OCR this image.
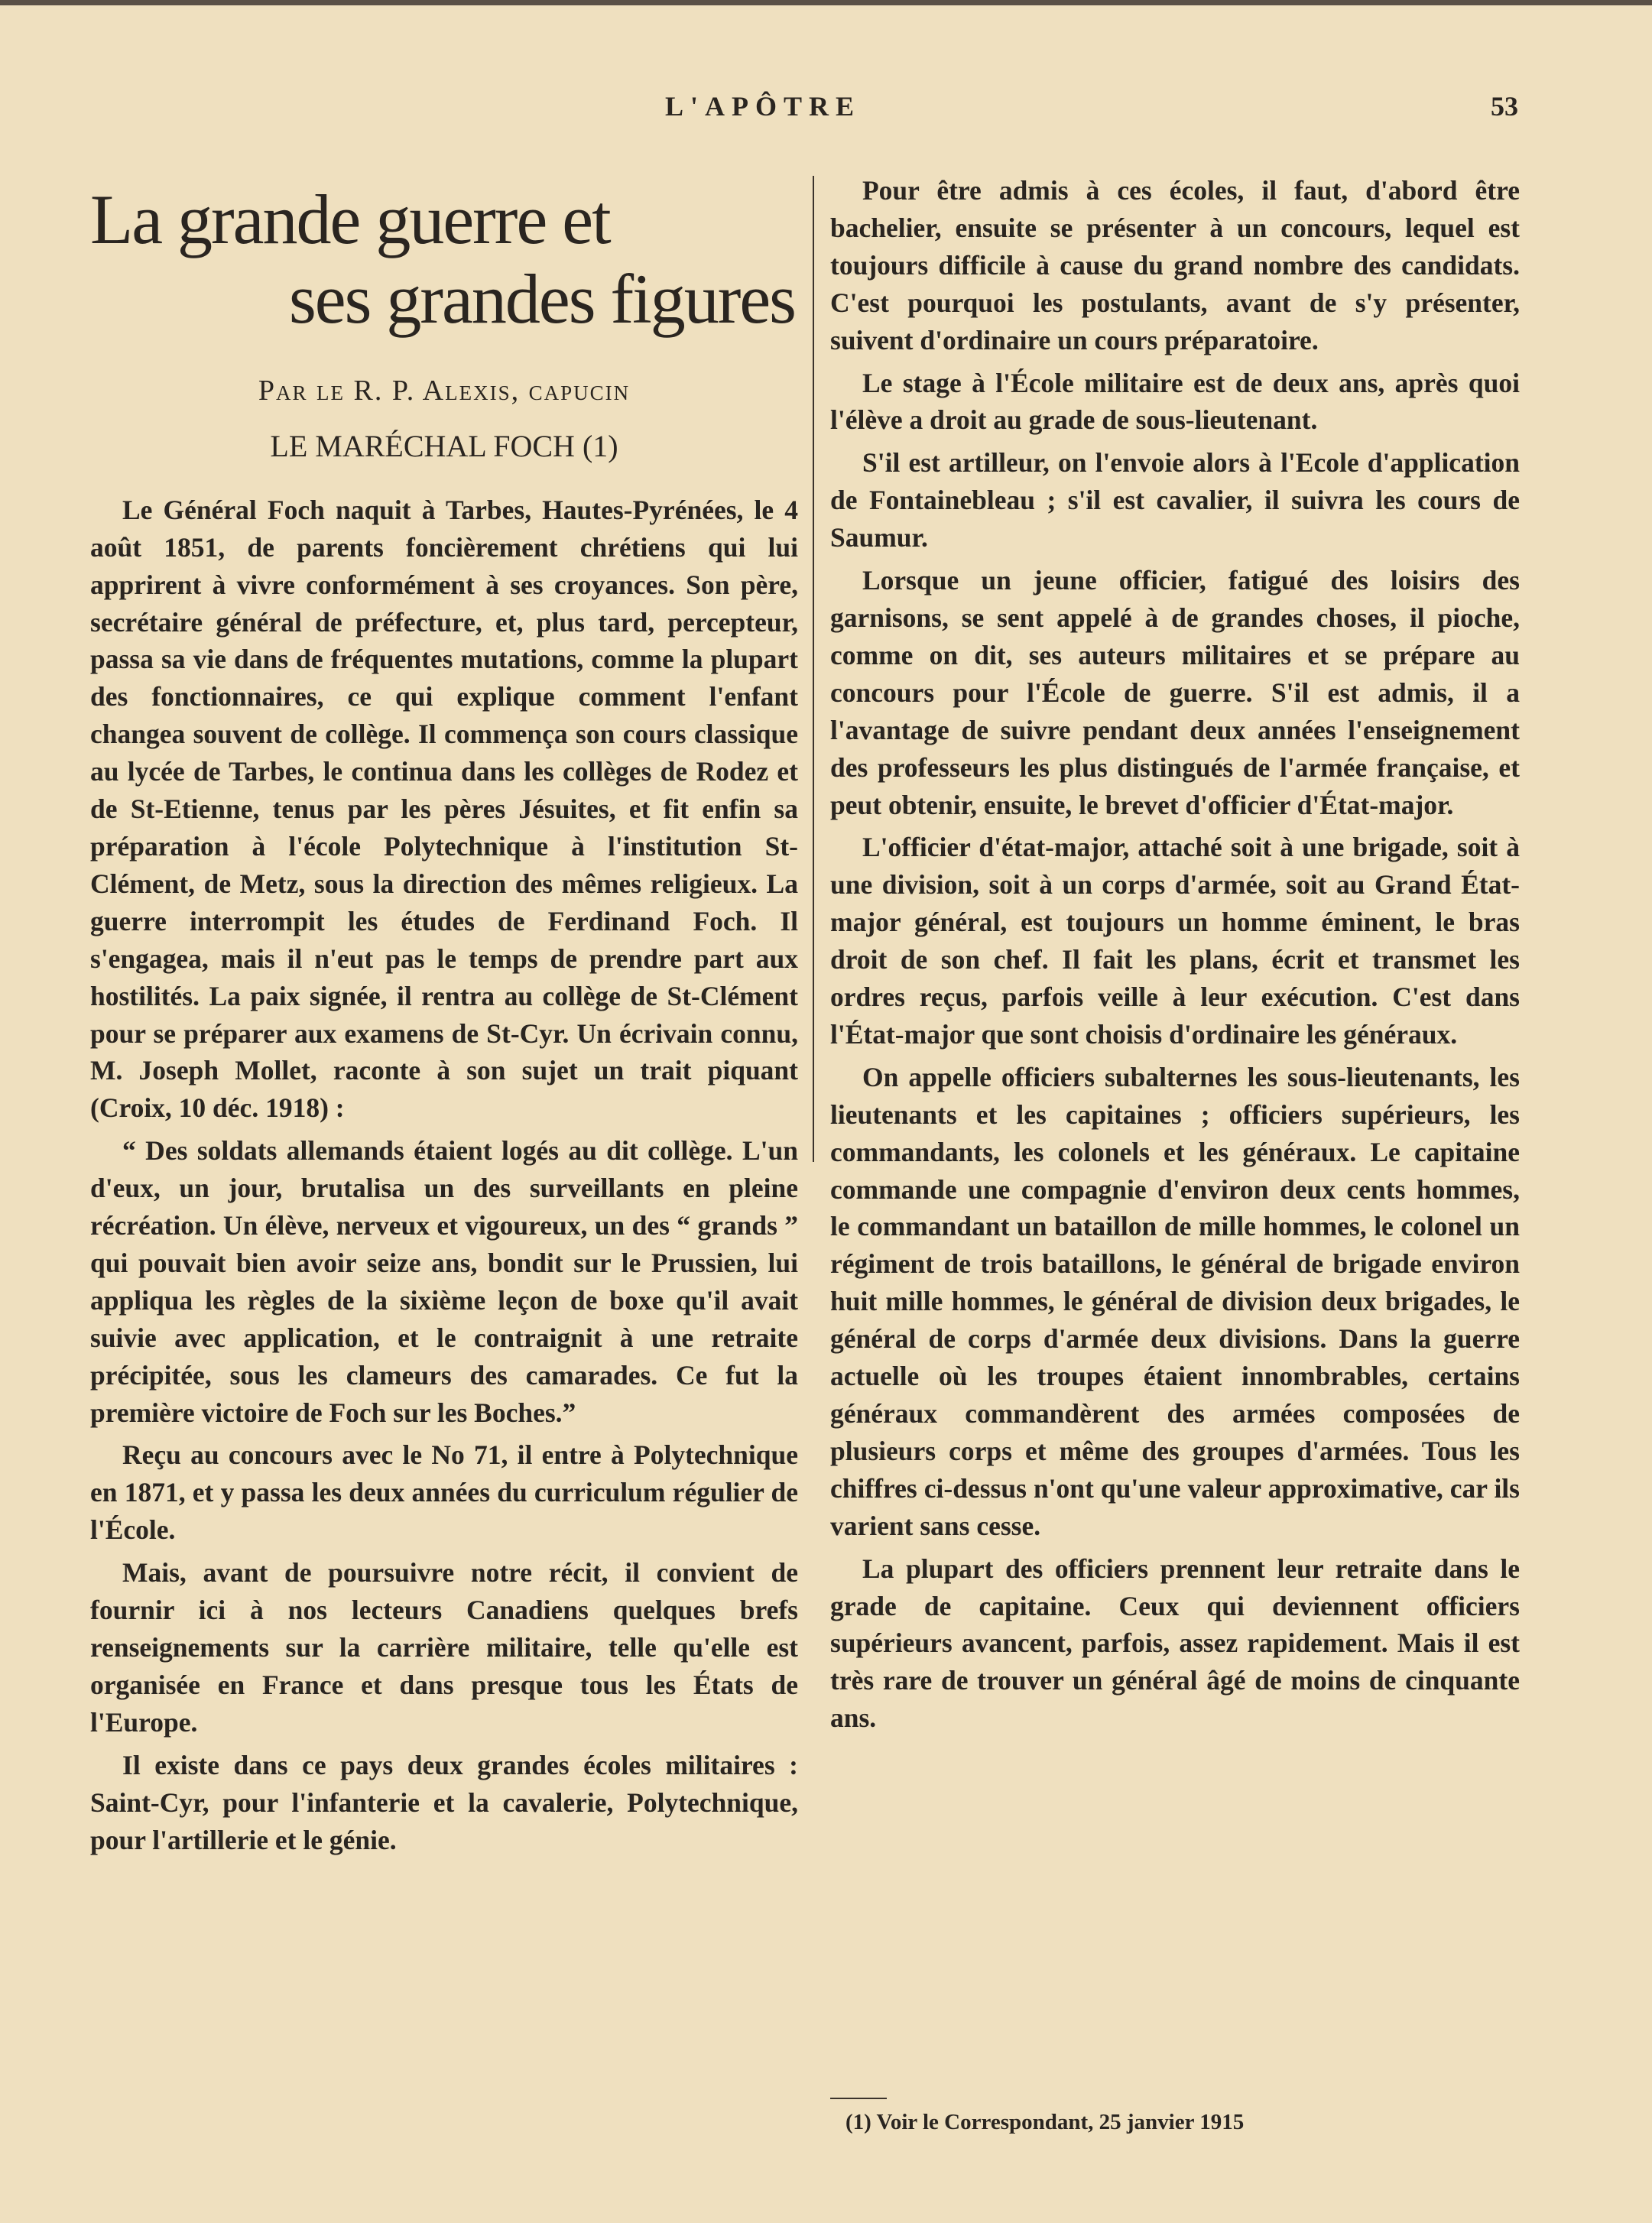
L'APÔTRE	53
La grande guerre et
ses grandes figures
Par le R. P. Alexis, capucin
LE MARÉCHAL FOCH (1)

Le Général Foch naquit à Tarbes, Hautes-Pyrénées, le 4 août 1851, de parents foncièrement chrétiens qui lui apprirent à vivre conformément à ses croyances. Son père, secrétaire général de préfecture, et, plus tard, percepteur, passa sa vie dans de fréquentes mutations, comme la plupart des fonctionnaires, ce qui explique comment l'enfant changea souvent de collège. Il commença son cours classique au lycée de Tarbes, le continua dans les collèges de Rodez et de St-Etienne, tenus par les pères Jésuites, et fit enfin sa préparation à l'école Polytechnique à l'institution St-Clément, de Metz, sous la direction des mêmes religieux. La guerre interrompit les études de Ferdinand Foch. Il s'engagea, mais il n'eut pas le temps de prendre part aux hostilités. La paix signée, il rentra au collège de St-Clément pour se préparer aux examens de St-Cyr. Un écrivain connu, M. Joseph Mollet, raconte à son sujet un trait piquant (Croix, 10 déc. 1918) :

“ Des soldats allemands étaient logés au dit collège. L'un d'eux, un jour, brutalisa un des surveillants en pleine récréation. Un élève, nerveux et vigoureux, un des “ grands ” qui pouvait bien avoir seize ans, bondit sur le Prussien, lui appliqua les règles de la sixième leçon de boxe qu'il avait suivie avec application, et le contraignit à une retraite précipitée, sous les clameurs des camarades. Ce fut la première victoire de Foch sur les Boches.”

Reçu au concours avec le No 71, il entre à Polytechnique en 1871, et y passa les deux années du curriculum régulier de l'École.

Mais, avant de poursuivre notre récit, il convient de fournir ici à nos lecteurs Canadiens quelques brefs renseignements sur la carrière militaire, telle qu'elle est organisée en France et dans presque tous les États de l'Europe.

Il existe dans ce pays deux grandes écoles militaires : Saint-Cyr, pour l'infanterie et la cavalerie, Polytechnique, pour l'artillerie et le génie.

Pour être admis à ces écoles, il faut, d'abord être bachelier, ensuite se présenter à un concours, lequel est toujours difficile à cause du grand nombre des candidats. C'est pourquoi les postulants, avant de s'y présenter, suivent d'ordinaire un cours préparatoire.

Le stage à l'École militaire est de deux ans, après quoi l'élève a droit au grade de sous-lieutenant.

S'il est artilleur, on l'envoie alors à l'Ecole d'application de Fontainebleau ; s'il est cavalier, il suivra les cours de Saumur.

Lorsque un jeune officier, fatigué des loisirs des garnisons, se sent appelé à de grandes choses, il pioche, comme on dit, ses auteurs militaires et se prépare au concours pour l'École de guerre. S'il est admis, il a l'avantage de suivre pendant deux années l'enseignement des professeurs les plus distingués de l'armée française, et peut obtenir, ensuite, le brevet d'officier d'État-major.

L'officier d'état-major, attaché soit à une brigade, soit à une division, soit à un corps d'armée, soit au Grand État-major général, est toujours un homme éminent, le bras droit de son chef. Il fait les plans, écrit et transmet les ordres reçus, parfois veille à leur exécution. C'est dans l'État-major que sont choisis d'ordinaire les généraux.

On appelle officiers subalternes les sous-lieutenants, les lieutenants et les capitaines ; officiers supérieurs, les commandants, les colonels et les généraux. Le capitaine commande une compagnie d'environ deux cents hommes, le commandant un bataillon de mille hommes, le colonel un régiment de trois bataillons, le général de brigade environ huit mille hommes, le général de division deux brigades, le général de corps d'armée deux divisions. Dans la guerre actuelle où les troupes étaient innombrables, certains généraux commandèrent des armées composées de plusieurs corps et même des groupes d'armées. Tous les chiffres ci-dessus n'ont qu'une valeur approximative, car ils varient sans cesse.

La plupart des officiers prennent leur retraite dans le grade de capitaine. Ceux qui deviennent officiers supérieurs avancent, parfois, assez rapidement. Mais il est très rare de trouver un général âgé de moins de cinquante ans.

(1) Voir le Correspondant, 25 janvier 1915
